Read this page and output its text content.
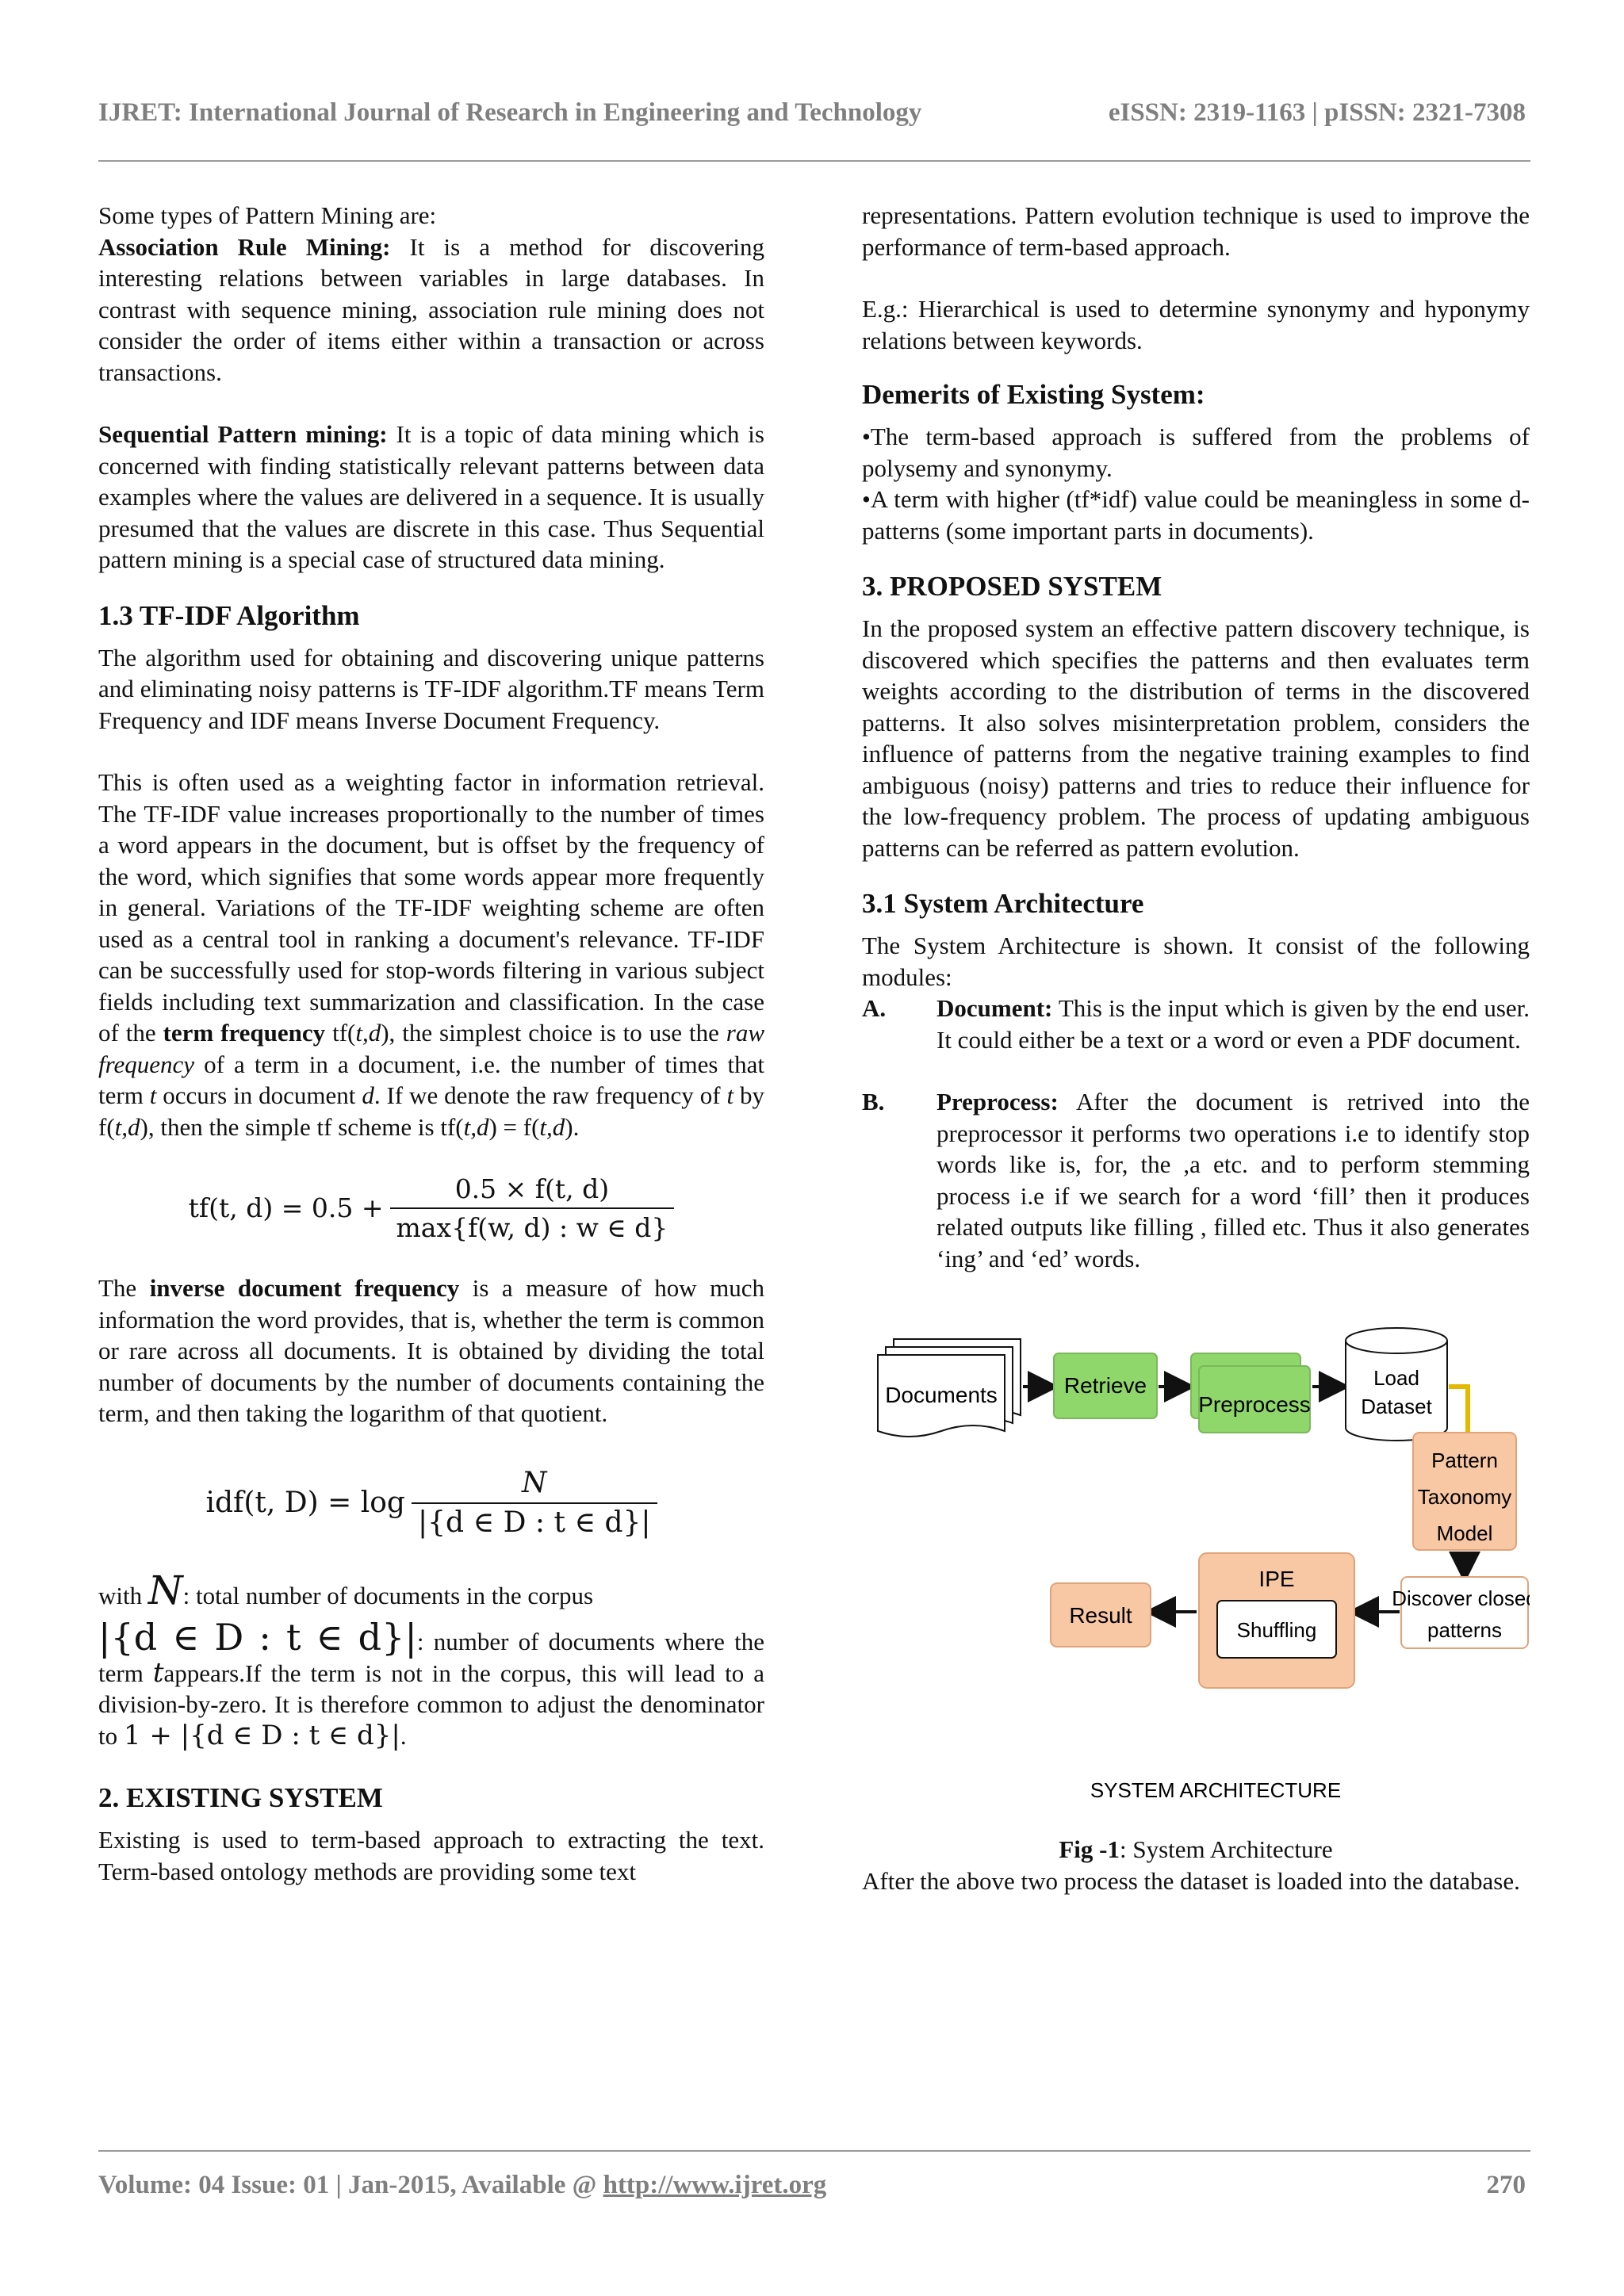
IJRET: International Journal of Research in Engineering and Technology	eISSN: 2319-1163 | pISSN: 2321-7308

Some types of Pattern Mining are:

Association Rule Mining: It is a method for discovering interesting relations between variables in large databases. In contrast with sequence mining, association rule mining does not consider the order of items either within a transaction or across transactions.

Sequential Pattern mining: It is a topic of data mining which is concerned with finding statistically relevant patterns between data examples where the values are delivered in a sequence. It is usually presumed that the values are discrete in this case. Thus Sequential pattern mining is a special case of structured data mining.

1.3 TF-IDF Algorithm

The algorithm used for obtaining and discovering unique patterns and eliminating noisy patterns is TF-IDF algorithm.TF means Term Frequency and IDF means Inverse Document Frequency.

This is often used as a weighting factor in information retrieval. The TF-IDF value increases proportionally to the number of times a word appears in the document, but is offset by the frequency of the word, which signifies that some words appear more frequently in general. Variations of the TF-IDF weighting scheme are often used as a central tool in ranking a document's relevance. TF-IDF can be successfully used for stop-words filtering in various subject fields including text summarization and classification. In the case of the term frequency tf(t,d), the simplest choice is to use the raw frequency of a term in a document, i.e. the number of times that term t occurs in document d. If we denote the raw frequency of t by f(t,d), then the simple tf scheme is tf(t,d) = f(t,d).

tf(t, $d) = 0.5 + \frac{0.5 \times f(t, d)}{\max\{f(w, d) : w \in d\}}$

The inverse document frequency is a measure of how much information the word provides, that is, whether the term is common or rare across all documents. It is obtained by dividing the total number of documents by the number of documents containing the term, and then taking the logarithm of that quotient.

idf(t, $D) = \log \frac{N}{|\{d \in D : t \in d\}|}$

with N: total number of documents in the corpus

|{d ∈ D : t ∈ d}|: number of documents where the term tappears.If the term is not in the corpus, this will lead to a division-by-zero. It is therefore common to adjust the denominator to 1 + |{d ∈ D : t ∈ d}|.

2. EXISTING SYSTEM

Existing is used to term-based approach to extracting the text. Term-based ontology methods are providing some text

representations. Pattern evolution technique is used to improve the performance of term-based approach.

E.g.: Hierarchical is used to determine synonymy and hyponymy relations between keywords.

Demerits of Existing System:

•The term-based approach is suffered from the problems of polysemy and synonymy.

•A term with higher (tf*idf) value could be meaningless in some d-patterns (some important parts in documents).

3. PROPOSED SYSTEM

In the proposed system an effective pattern discovery technique, is discovered which specifies the patterns and then evaluates term weights according to the distribution of terms in the discovered patterns. It also solves misinterpretation problem, considers the influence of patterns from the negative training examples to find ambiguous (noisy) patterns and tries to reduce their influence for the low-frequency problem. The process of updating ambiguous patterns can be referred as pattern evolution.

3.1 System Architecture

The System Architecture is shown. It consist of the following modules:

A.	Document: This is the input which is given by the end user. It could either be a text or a word or even a PDF document.
B.	Preprocess: After the document is retrived into the preprocessor it performs two operations i.e to identify stop words like is, for, the ,a etc. and to perform stemming process i.e if we search for a word ‘fill’ then it produces related outputs like filling , filled etc. Thus it also generates ‘ing’ and ‘ed’ words.
Documents	Retrieve
Preprocess
Load
Dataset
Pattern
Taxonomy
Model
Discover closed
patterns
IPE
Shuffling
Result
SYSTEM ARCHITECTURE

Fig -1: System Architecture

After the above two process the dataset is loaded into the database.

Volume: 04 Issue: 01 | Jan-2015, Available @ http://www.ijret.org	270
